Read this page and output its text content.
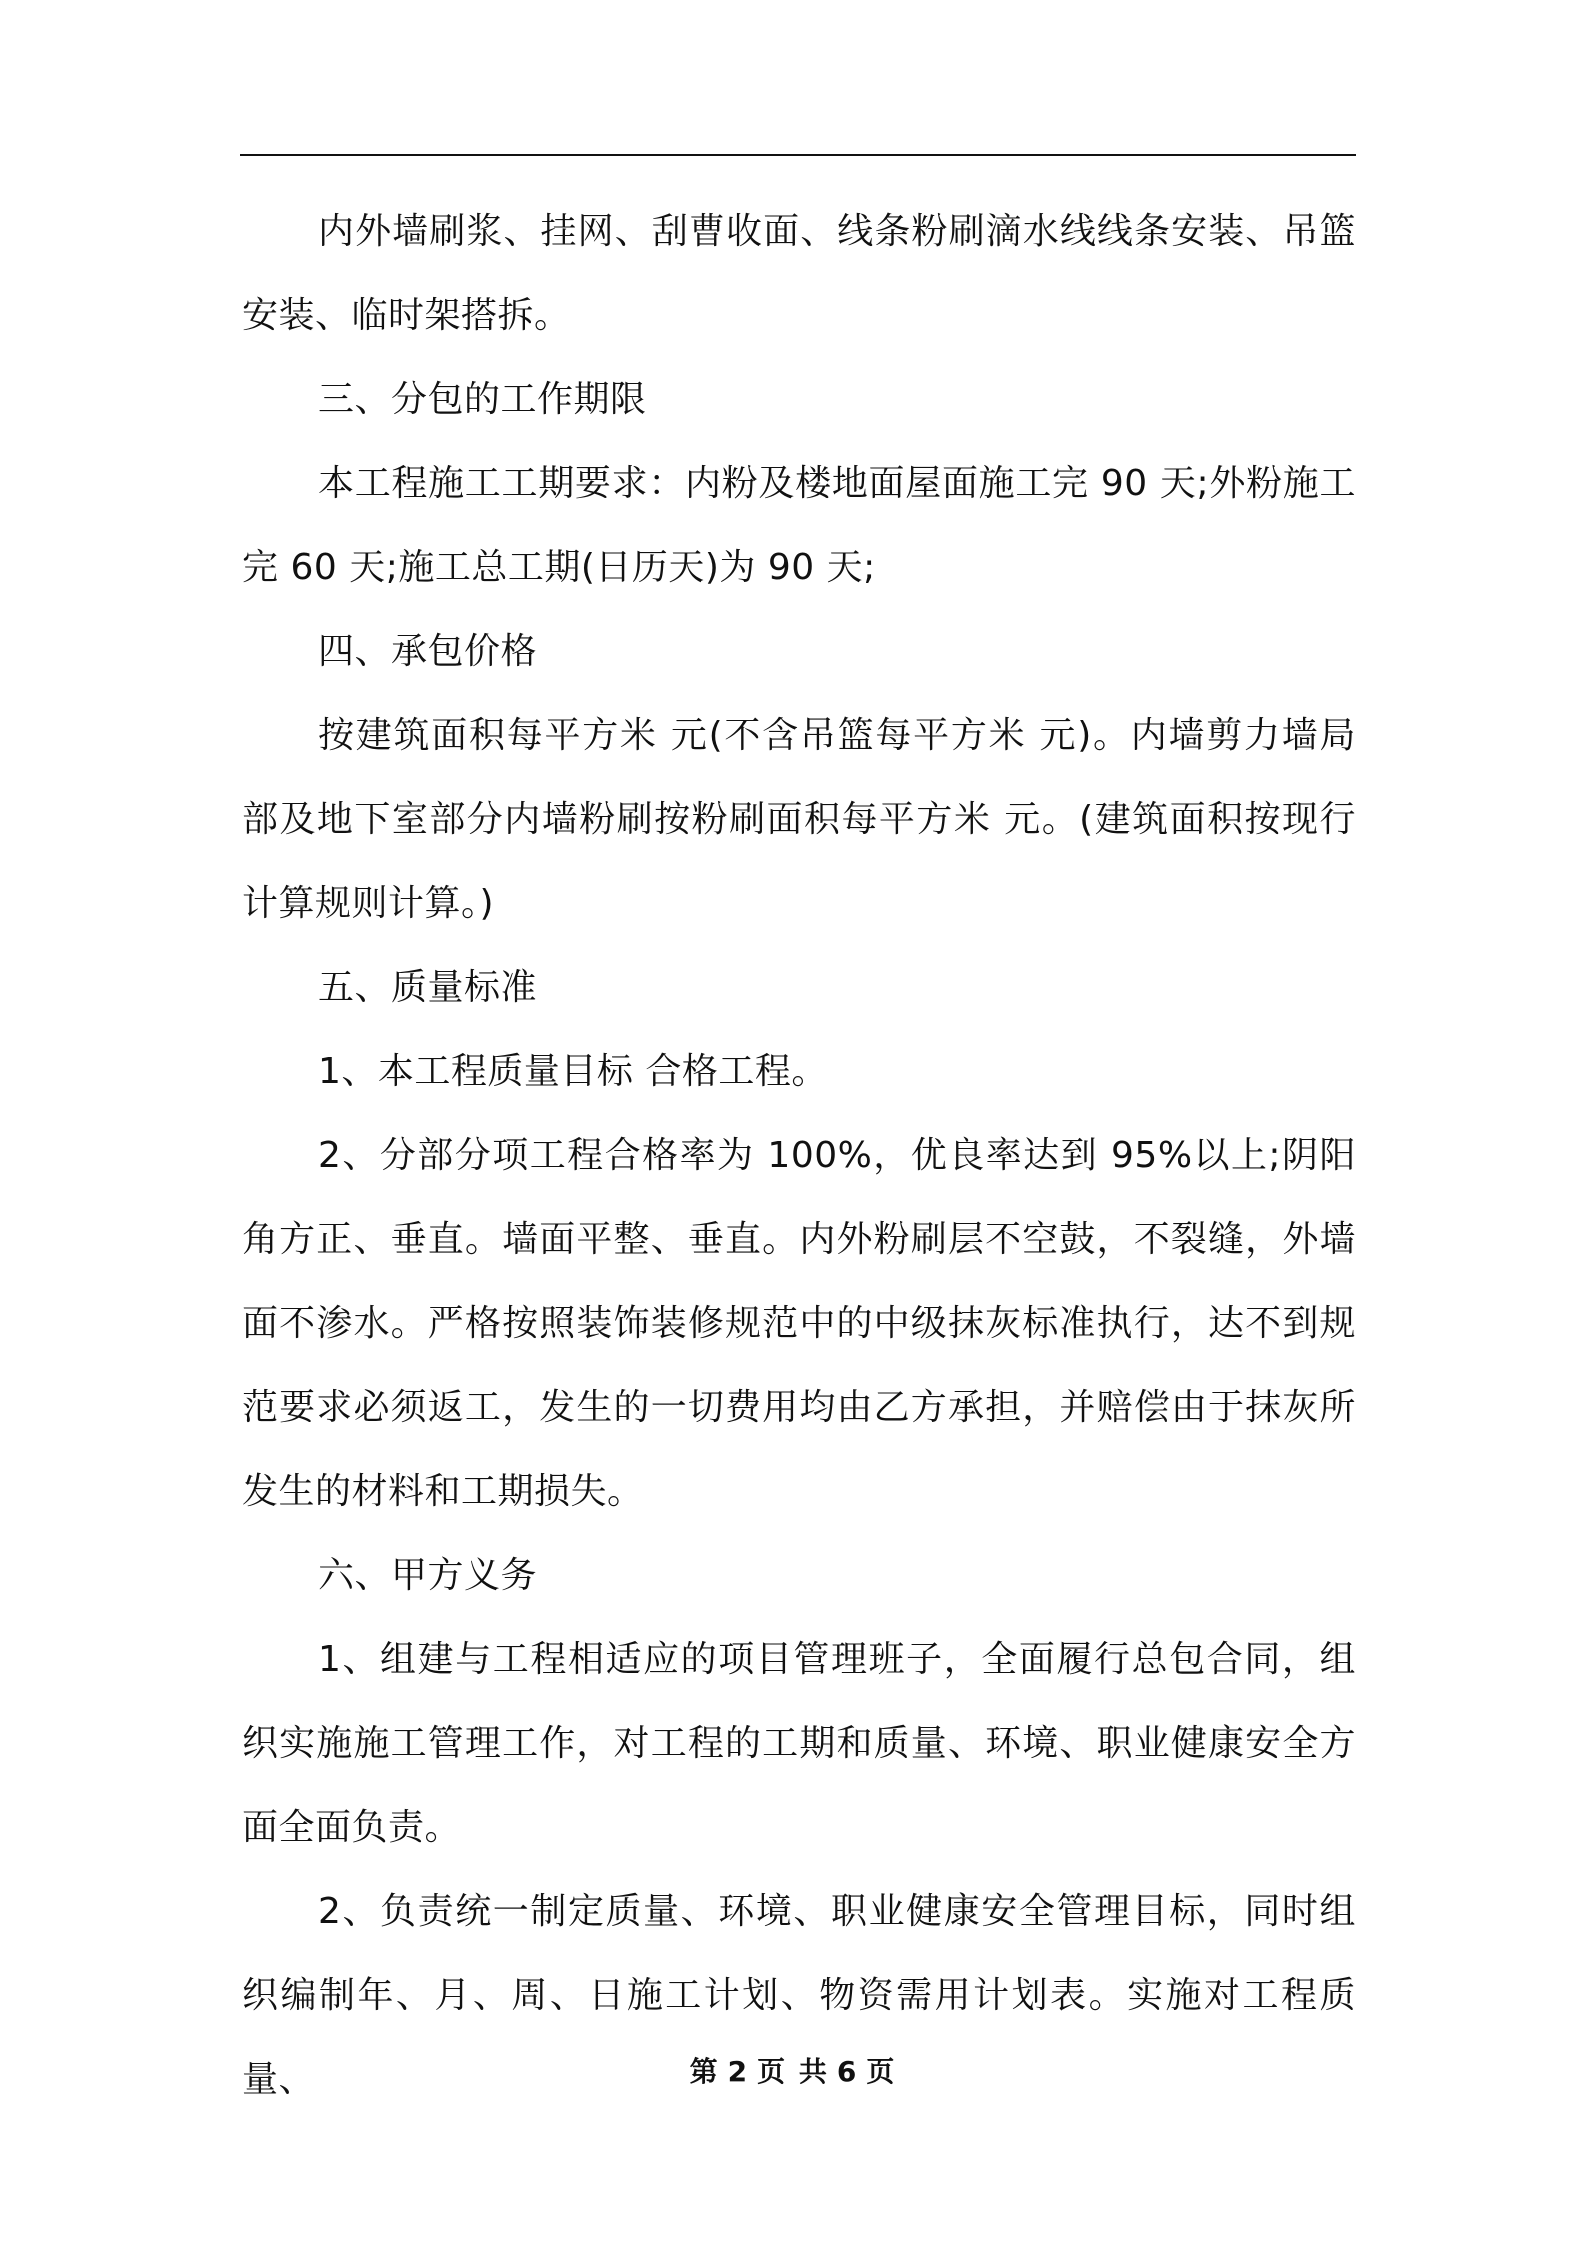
内外墙刷浆、挂网、刮曹收面、线条粉刷滴水线线条安装、吊篮安装、临时架搭拆。

三、分包的工作期限

本工程施工工期要求：内粉及楼地面屋面施工完 90 天;外粉施工完 60 天;施工总工期(日历天)为 90 天;

四、承包价格

按建筑面积每平方米 元(不含吊篮每平方米 元)。内墙剪力墙局部及地下室部分内墙粉刷按粉刷面积每平方米 元。(建筑面积按现行计算规则计算。)

五、质量标准

1、本工程质量目标 合格工程。

2、分部分项工程合格率为 100%，优良率达到 95%以上;阴阳角方正、垂直。墙面平整、垂直。内外粉刷层不空鼓，不裂缝，外墙面不渗水。严格按照装饰装修规范中的中级抹灰标准执行，达不到规范要求必须返工，发生的一切费用均由乙方承担，并赔偿由于抹灰所发生的材料和工期损失。

六、甲方义务

1、组建与工程相适应的项目管理班子，全面履行总包合同，组织实施施工管理工作，对工程的工期和质量、环境、职业健康安全方面全面负责。

2、负责统一制定质量、环境、职业健康安全管理目标，同时组织编制年、月、周、日施工计划、物资需用计划表。实施对工程质量、	第 2 页 共 6 页
